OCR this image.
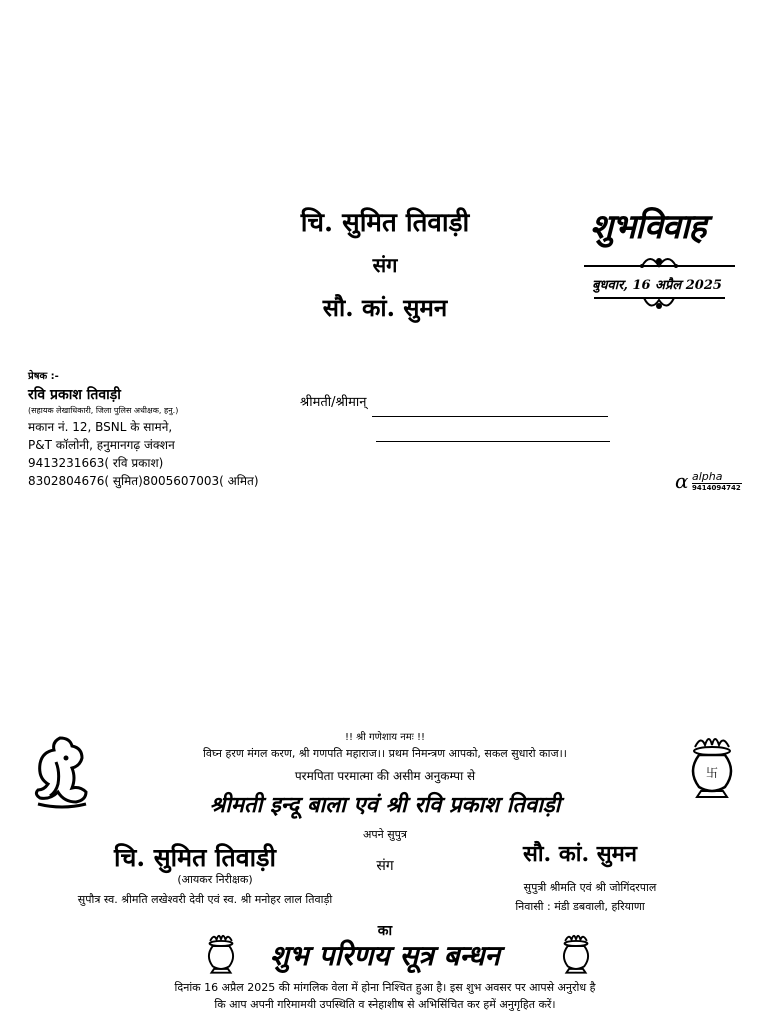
चि. सुमित तिवाड़ी
संग
सौ. कां. सुमन
शुभविवाह
बुधवार, 16 अप्रैल 2025
प्रेषक :-
रवि प्रकाश तिवाड़ी
(सहायक लेखाधिकारी, जिला पुलिस अधीक्षक, हनु.)
मकान नं. 12, BSNL के सामने,
P&T कॉलोनी, हनुमानगढ़ जंक्शन
9413231663( रवि प्रकाश)
8302804676( सुमित)8005607003( अमित)
श्रीमती/श्रीमान्
α alpha
9414094742
卐
!! श्री गणेशाय नमः !!
विघ्न हरण मंगल करण, श्री गणपति महाराज।। प्रथम निमन्त्रण आपको, सकल सुधारो काज।।
परमपिता परमात्मा की असीम अनुकम्पा से
श्रीमती इन्दू बाला एवं श्री रवि प्रकाश तिवाड़ी
अपने सुपुत्र
संग
चि. सुमित तिवाड़ी
(आयकर निरीक्षक)
सुपौत्र स्व. श्रीमति लखेश्वरी देवी एवं स्व. श्री मनोहर लाल तिवाड़ी
सौ. कां. सुमन
सुपुत्री श्रीमति एवं श्री जोगिंदरपाल
निवासी : मंडी डबवाली, हरियाणा
का
शुभ परिणय सूत्र बन्धन
दिनांक 16 अप्रैल 2025 की मांगलिक वेला में होना निश्चित हुआ है। इस शुभ अवसर पर आपसे अनुरोध है
कि आप अपनी गरिमामयी उपस्थिति व स्नेहाशीष से अभिसिंचित कर हमें अनुगृहित करें।
